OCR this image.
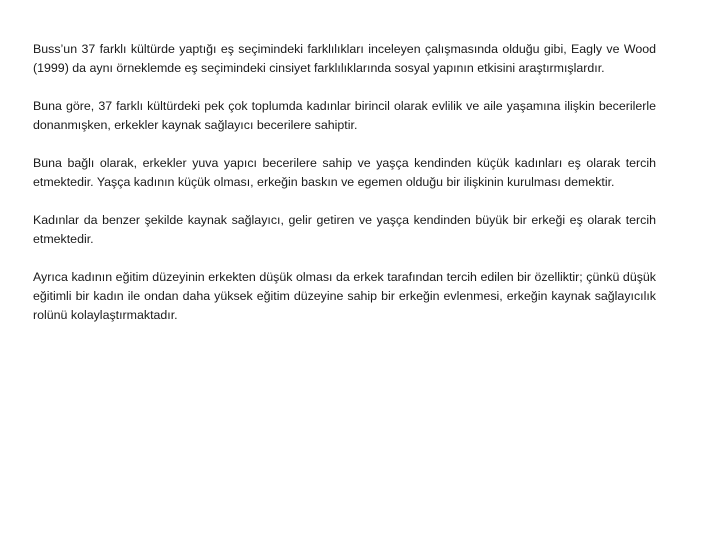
Buss’un 37 farklı kültürde yaptığı eş seçimindeki farklılıkları inceleyen çalışmasında olduğu gibi, Eagly ve Wood (1999) da aynı örneklemde eş seçimindeki cinsiyet farklılıklarında sosyal yapının etkisini araştırmışlardır.

Buna göre, 37 farklı kültürdeki pek çok toplumda kadınlar birincil olarak evlilik ve aile yaşamına ilişkin becerilerle donanmışken, erkekler kaynak sağlayıcı becerilere sahiptir.

Buna bağlı olarak, erkekler yuva yapıcı becerilere sahip ve yaşça kendinden küçük kadınları eş olarak tercih etmektedir. Yaşça kadının küçük olması, erkeğin baskın ve egemen olduğu bir ilişkinin kurulması demektir.

Kadınlar da benzer şekilde kaynak sağlayıcı, gelir getiren ve yaşça kendinden büyük bir erkeği eş olarak tercih etmektedir.

Ayrıca kadının eğitim düzeyinin erkekten düşük olması da erkek tarafından tercih edilen bir özelliktir; çünkü düşük eğitimli bir kadın ile ondan daha yüksek eğitim düzeyine sahip bir erkeğin evlenmesi, erkeğin kaynak sağlayıcılık rolünü kolaylaştırmaktadır.
